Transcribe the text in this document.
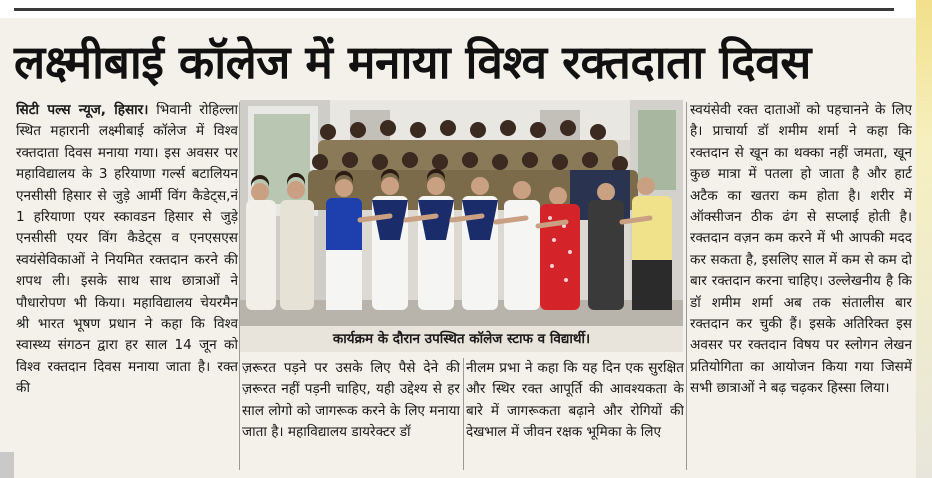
लक्ष्मीबाई कॉलेज में मनाया विश्व रक्तदाता दिवस

सिटी पल्स न्यूज, हिसार। भिवानी रोहिल्ला स्थित महारानी लक्ष्मीबाई कॉलेज में विश्व रक्तदाता दिवस मनाया गया। इस अवसर पर महाविद्यालय के 3 हरियाणा गर्ल्स बटालियन एनसीसी हिसार से जुड़े आर्मी विंग कैडेट्स,नं 1 हरियाणा एयर स्कावडन हिसार से जुड़े एनसीसी एयर विंग कैडेट्स व एनएसएस स्वयंसेविकाओं ने नियमित रक्तदान करने की शपथ ली। इसके साथ साथ छात्राओं ने पौधारोपण भी किया। महाविद्यालय चेयरमैन श्री भारत भूषण प्रधान ने कहा कि विश्व स्वास्थ्य संगठन द्वारा हर साल 14 जून को विश्व रक्तदान दिवस मनाया जाता है। रक्त की

कार्यक्रम के दौरान उपस्थित कॉलेज स्टाफ व विद्यार्थी।

ज़रूरत पड़ने पर उसके लिए पैसे देने की ज़रूरत नहीं पड़नी चाहिए, यही उद्देश्य से हर साल लोगो को जागरूक करने के लिए मनाया जाता है। महाविद्यालय डायरेक्टर डॉ

नीलम प्रभा ने कहा कि यह दिन एक सुरक्षित और स्थिर रक्त आपूर्ति की आवश्यकता के बारे में जागरूकता बढ़ाने और रोगियों की देखभाल में जीवन रक्षक भूमिका के लिए

स्वयंसेवी रक्त दाताओं को पहचानने के लिए है। प्राचार्या डॉ शमीम शर्मा ने कहा कि रक्तदान से खून का थक्का नहीं जमता, खून कुछ मात्रा में पतला हो जाता है और हार्ट अटैक का खतरा कम होता है। शरीर में ऑक्सीजन ठीक ढंग से सप्लाई होती है। रक्तदान वज़न कम करने में भी आपकी मदद कर सकता है, इसलिए साल में कम से कम दो बार रक्तदान करना चाहिए। उल्लेखनीय है कि डॉ शमीम शर्मा अब तक संतालीस बार रक्तदान कर चुकी हैं। इसके अतिरिक्त इस अवसर पर रक्तदान विषय पर स्लोगन लेखन प्रतियोगिता का आयोजन किया गया जिसमें सभी छात्राओं ने बढ़ चढ़कर हिस्सा लिया।
